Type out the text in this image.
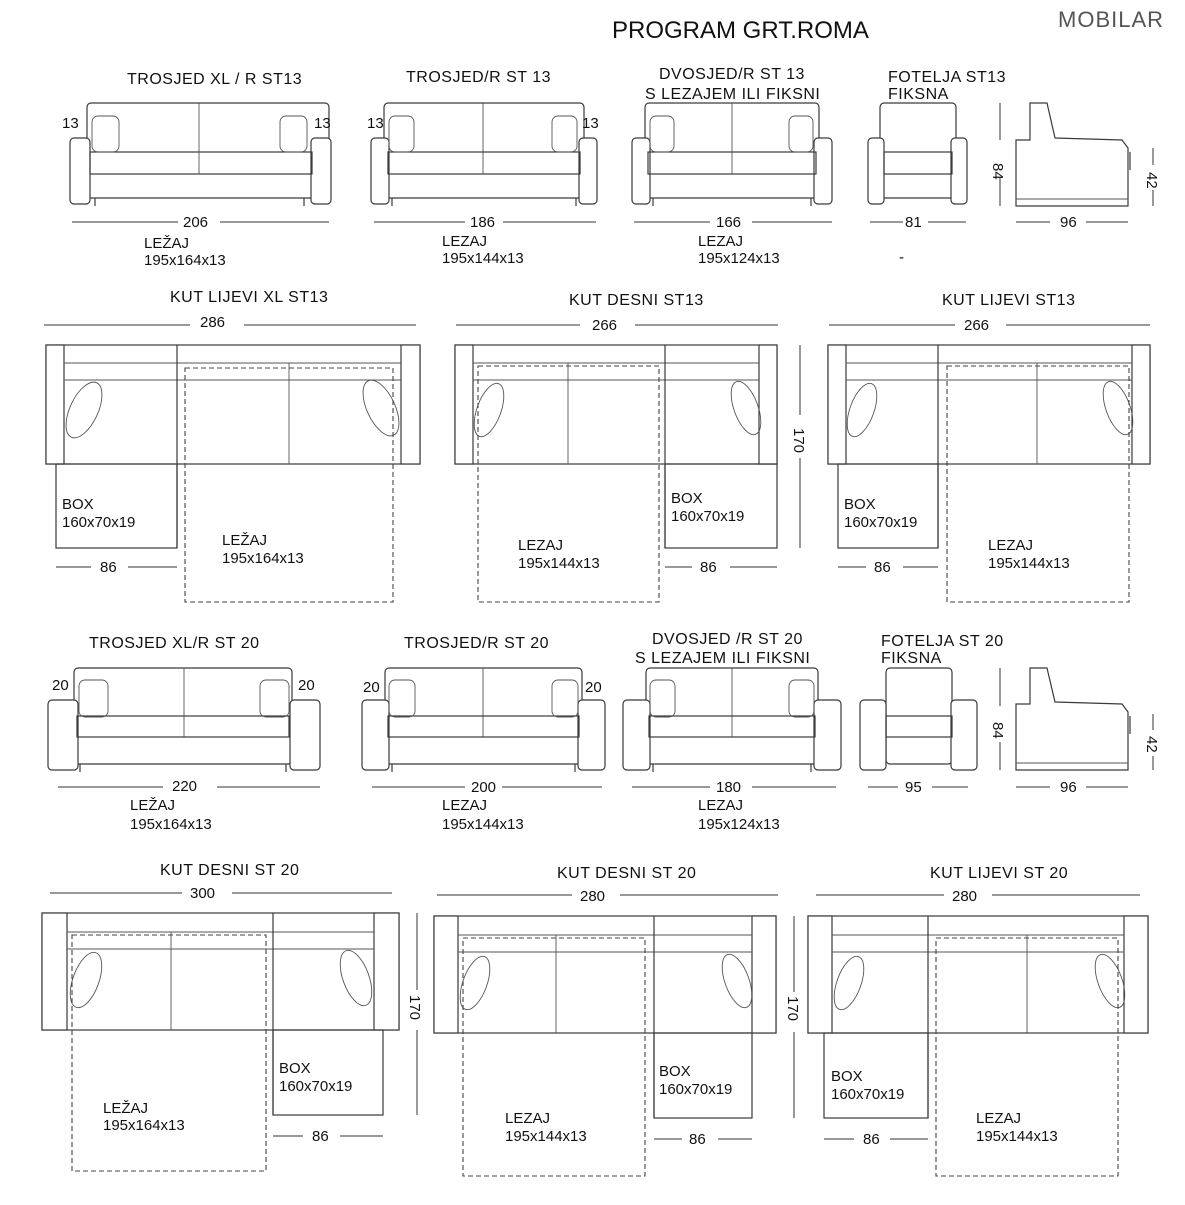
PROGRAM GRT.ROMA	MOBILAR
TROSJED XL / R ST13
13	13
206
LEŽAJ
195x164x13
TROSJED/R ST 13
13	13
186
LEZAJ
195x144x13
DVOSJED/R ST 13
S LEZAJEM ILI FIKSNI
166
LEZAJ
195x124x13
FOTELJA ST13
FIKSNA
81
-
84
42
96
KUT LIJEVI XL ST13
286
BOX
160x70x19
LEŽAJ
195x164x13
86
KUT DESNI ST13
266
170
BOX
160x70x19
LEZAJ
195x144x13	86
KUT LIJEVI ST13
266
BOX
160x70x19
LEZAJ
195x144x13
86
TROSJED XL/R ST 20
20	20
220
LEŽAJ
195x164x13
TROSJED/R ST 20
20	20
200
LEZAJ
195x144x13
DVOSJED /R ST 20
S LEZAJEM ILI FIKSNI
180
LEZAJ
195x124x13
FOTELJA ST 20
FIKSNA
95
84
42
96
KUT DESNI ST 20
300
170
BOX
160x70x19
LEŽAJ
195x164x13
86
KUT DESNI ST 20
280
170
BOX
160x70x19
LEZAJ
195x144x13	86
KUT LIJEVI ST 20
280
BOX
160x70x19
LEZAJ
195x144x13
86
